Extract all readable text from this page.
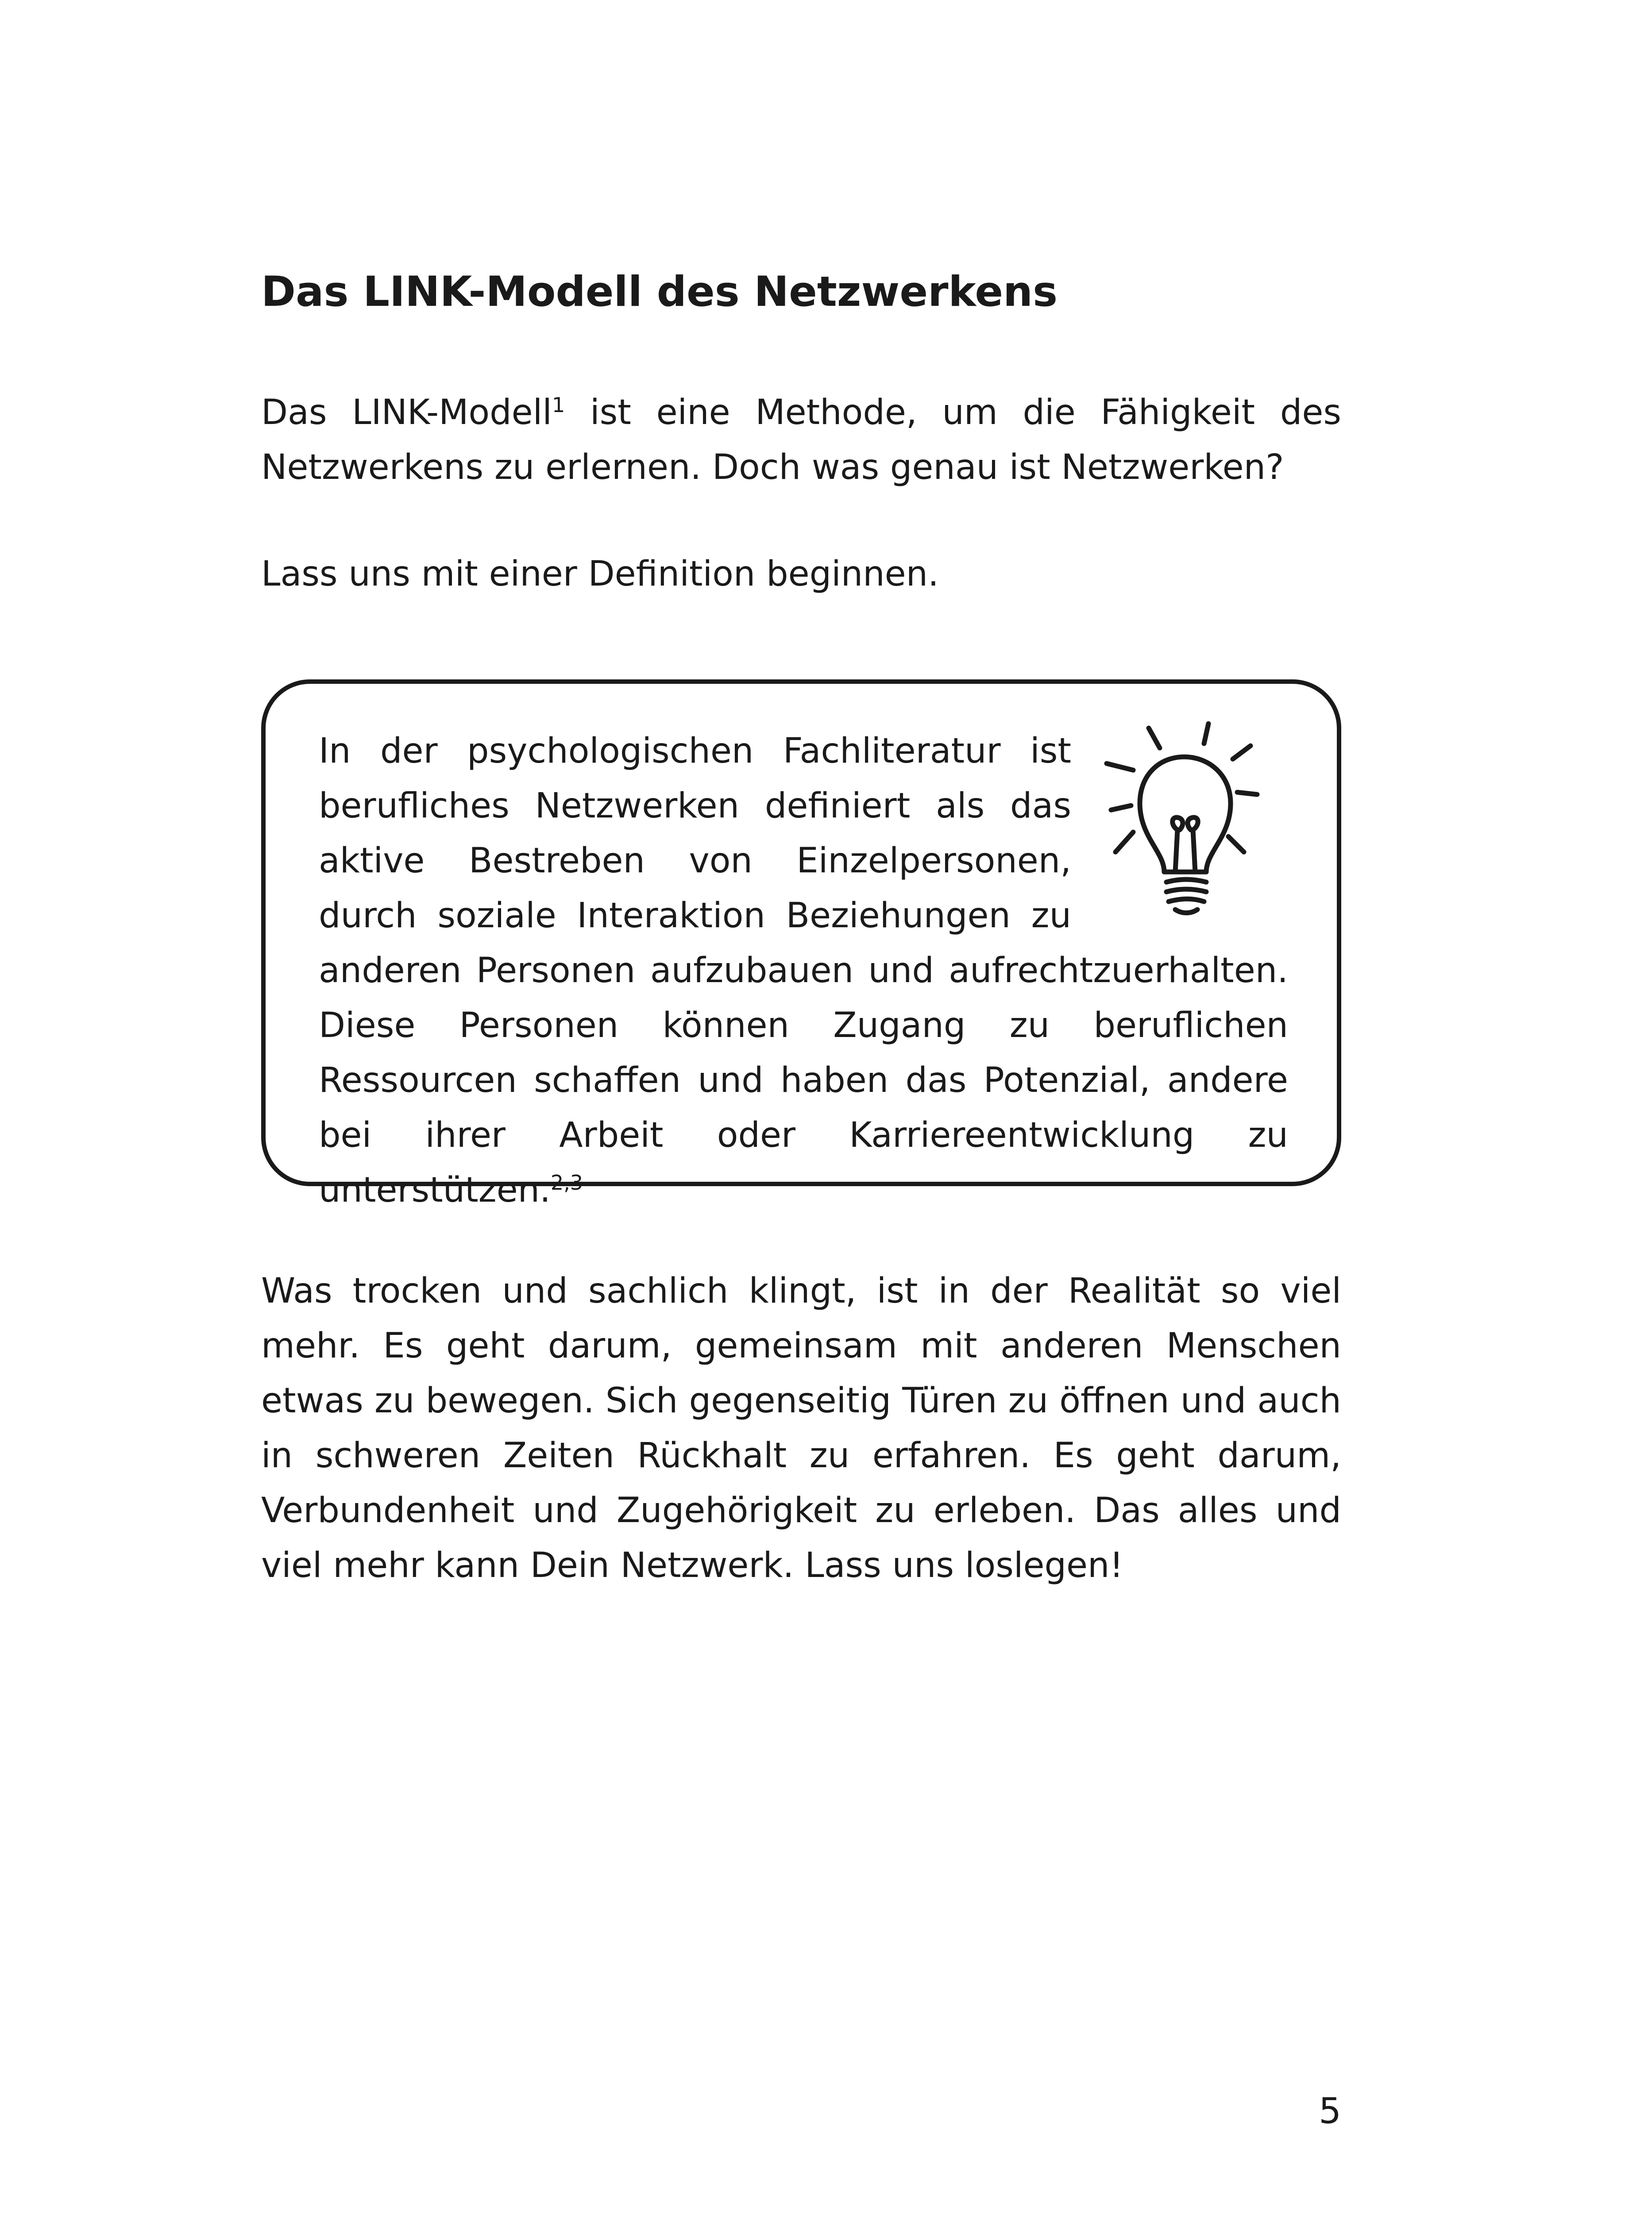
Das LINK-Modell des Netzwerkens

Das LINK-Modell$^1$ ist eine Methode, um die Fähigkeit des Netzwerkens zu erlernen. Doch was genau ist Netzwerken?

Lass uns mit einer Definition beginnen.

In der psychologischen Fachliteratur ist berufliches Netzwerken definiert als das aktive Bestreben von Einzelpersonen, durch soziale Interaktion Beziehungen zu anderen Personen aufzubauen und aufrechtzuerhalten. Diese Personen können Zugang zu beruflichen Ressourcen schaffen und haben das Potenzial, andere bei ihrer Arbeit oder Karriereentwicklung zu unterstützen.$^{2,3}$

Was trocken und sachlich klingt, ist in der Realität so viel mehr. Es geht darum, gemeinsam mit anderen Menschen etwas zu bewegen. Sich gegenseitig Türen zu öffnen und auch in schweren Zeiten Rückhalt zu erfahren. Es geht darum, Verbundenheit und Zugehörigkeit zu erleben. Das alles und viel mehr kann Dein Netzwerk. Lass uns loslegen!

5
